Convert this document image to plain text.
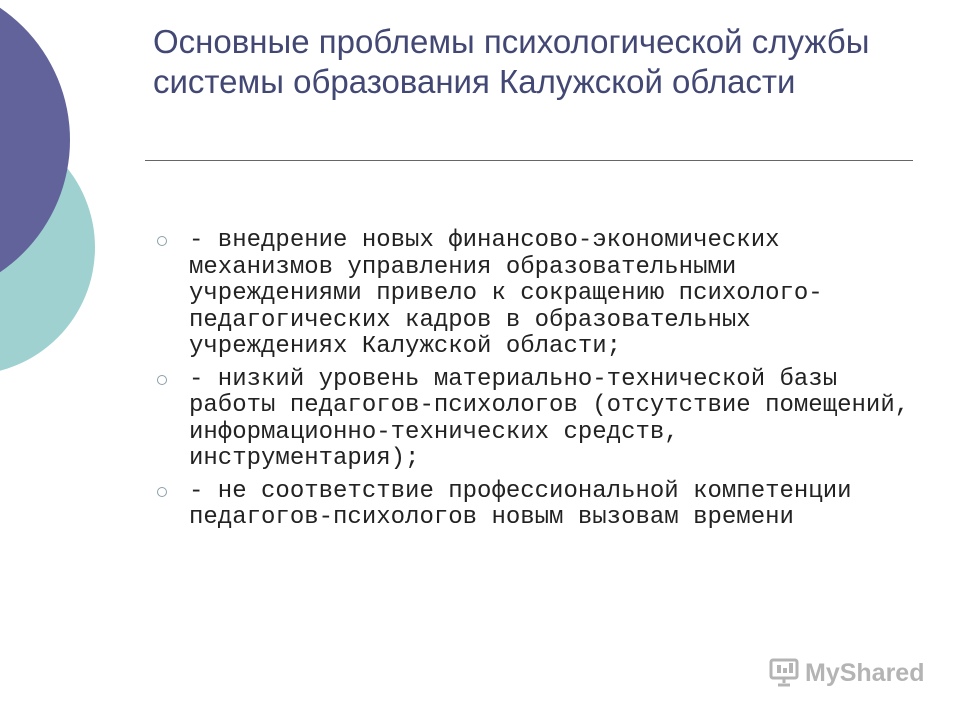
Основные проблемы психологической службы системы образования Калужской области
- внедрение новых финансово-экономических механизмов управления образовательными учреждениями привело к сокращению психолого-педагогических кадров в образовательных учреждениях Калужской области;
- низкий уровень материально-технической базы работы педагогов-психологов (отсутствие помещений, информационно-технических средств, инструментария);
- не соответствие профессиональной компетенции педагогов-психологов новым вызовам времени
MyShared
